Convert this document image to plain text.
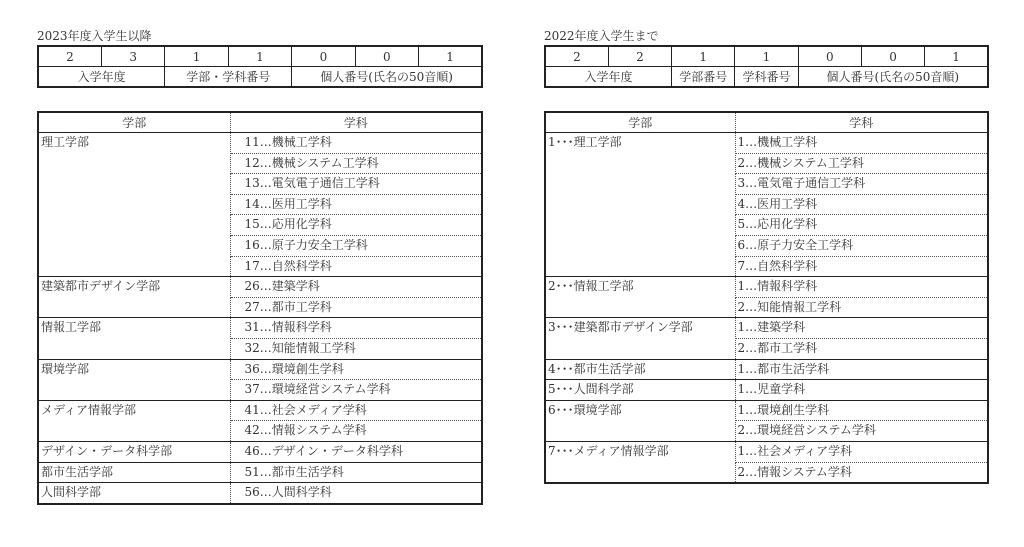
2023年度入学生以降
2	3	1	1	0	0	1
入学年度		学部・学科番号		個人番号(氏名の50音順)		
学部	学科
理工学部	11…機械工学科
	12…機械システム工学科
	13…電気電子通信工学科
	14…医用工学科
	15…応用化学科
	16…原子力安全工学科
	17…自然科学科
建築都市デザイン学部	26…建築学科
	27…都市工学科
情報工学部	31…情報科学科
	32…知能情報工学科
環境学部	36…環境創生学科
	37…環境経営システム学科
メディア情報学部	41…社会メディア学科
	42…情報システム学科
デザイン・データ科学部	46…デザイン・データ科学科
都市生活学部	51…都市生活学科
人間科学部	56…人間科学科
2022年度入学生まで
2	2	1	1	0	0	1
入学年度		学部番号	学科番号	個人番号(氏名の50音順)		
学部	学科
1･･･理工学部	1…機械工学科
	2…機械システム工学科
	3…電気電子通信工学科
	4…医用工学科
	5…応用化学科
	6…原子力安全工学科
	7…自然科学科
2･･･情報工学部	1…情報科学科
	2…知能情報工学科
3･･･建築都市デザイン学部	1…建築学科
	2…都市工学科
4･･･都市生活学部	1…都市生活学科
5･･･人間科学部	1…児童学科
6･･･環境学部	1…環境創生学科
	2…環境経営システム学科
7･･･メディア情報学部	1…社会メディア学科
	2…情報システム学科
